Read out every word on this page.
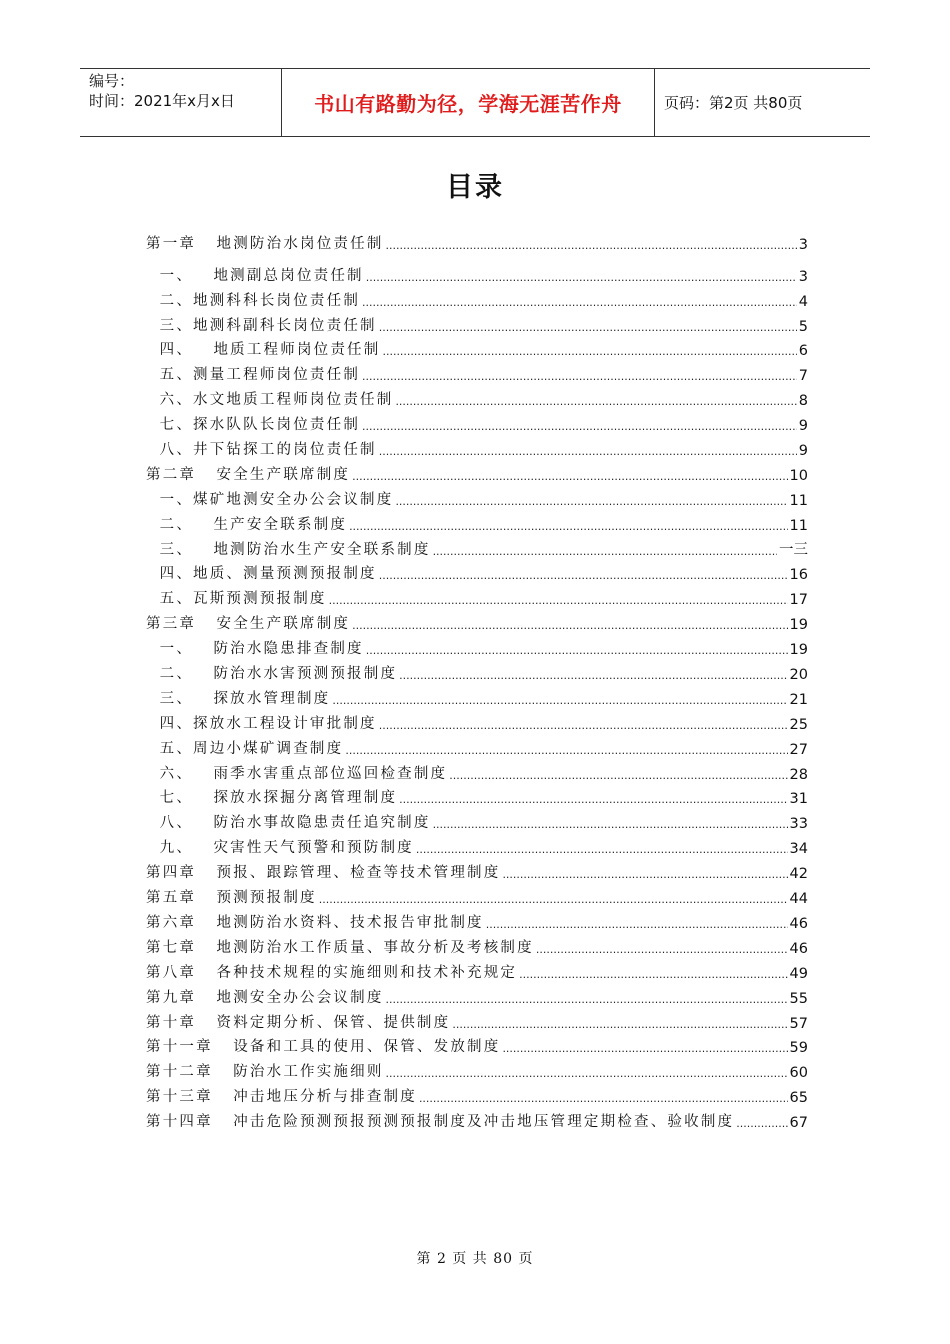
编号：
时间：2021年x月x日	书山有路勤为径，学海无涯苦作舟	页码：第2页 共80页
目录
第一章   地测防治水岗位责任制 .....	3
一、   地测副总岗位责任制 .....	3
二、地测科科长岗位责任制 .....	4
三、地测科副科长岗位责任制 .....	5
四、   地质工程师岗位责任制 .....	6
五、测量工程师岗位责任制 .....	7
六、水文地质工程师岗位责任制 .....	8
七、探水队队长岗位责任制 .....	9
八、井下钻探工的岗位责任制 .....	9
第二章   安全生产联席制度 .....	10
一、煤矿地测安全办公会议制度 .....	11
二、   生产安全联系制度 .....	11
三、   地测防治水生产安全联系制度 .....	一三
四、地质、测量预测预报制度 .....	16
五、瓦斯预测预报制度 .....	17
第三章   安全生产联席制度 .....	19
一、   防治水隐患排查制度 .....	19
二、   防治水水害预测预报制度 .....	20
三、   探放水管理制度 .....	21
四、探放水工程设计审批制度 .....	25
五、周边小煤矿调查制度 .....	27
六、   雨季水害重点部位巡回检查制度 .....	28
七、   探放水探掘分离管理制度 .....	31
八、   防治水事故隐患责任追究制度 .....	33
九、   灾害性天气预警和预防制度 .....	34
第四章   预报、跟踪管理、检查等技术管理制度 .....	42
第五章   预测预报制度 .....	44
第六章   地测防治水资料、技术报告审批制度 .....	46
第七章   地测防治水工作质量、事故分析及考核制度 .....	46
第八章   各种技术规程的实施细则和技术补充规定 .....	49
第九章   地测安全办公会议制度 .....	55
第十章   资料定期分析、保管、提供制度 .....	57
第十一章   设备和工具的使用、保管、发放制度 .....	59
第十二章   防治水工作实施细则 .....	60
第十三章   冲击地压分析与排查制度 .....	65
第十四章   冲击危险预测预报预测预报制度及冲击地压管理定期检查、验收制度 .....	67
第 2 页 共 80 页
